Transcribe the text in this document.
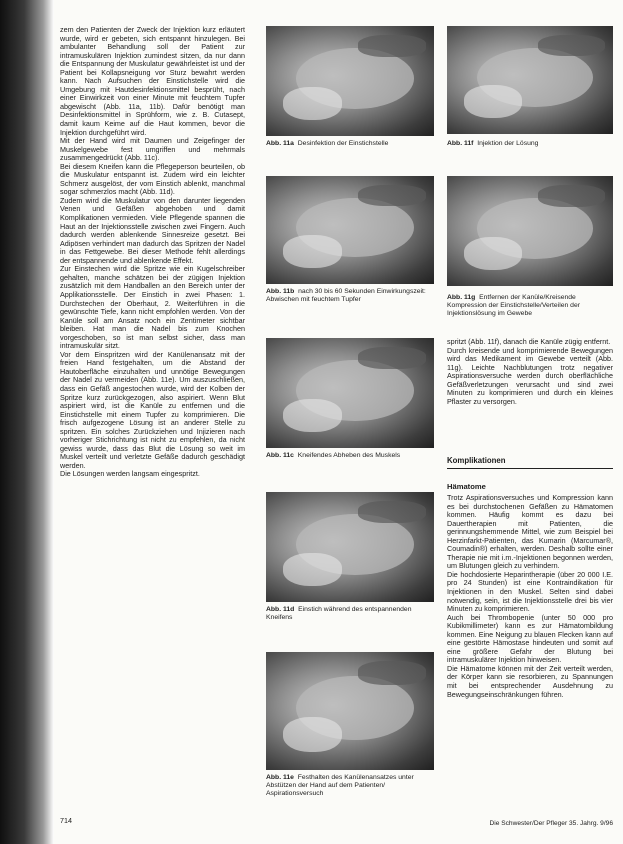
zem den Patienten der Zweck der Injektion kurz erläutert wurde, wird er gebeten, sich entspannt hinzulegen. Bei ambulanter Behandlung soll der Patient zur intramuskulären Injektion zumindest sitzen, da nur dann die Entspannung der Muskulatur gewährleistet ist und der Patient bei Kollapsneigung vor Sturz bewahrt werden kann. Nach Aufsuchen der Einstichstelle wird die Umgebung mit Hautdesinfektionsmittel besprüht, nach einer Einwirkzeit von einer Minute mit feuchtem Tupfer abgewischt (Abb. 11a, 11b). Dafür benötigt man Desinfektionsmittel in Sprühform, wie z. B. Cutasept, damit kaum Keime auf die Haut kommen, bevor die Injektion durchgeführt wird.

Mit der Hand wird mit Daumen und Zeigefinger der Muskelgewebe fest umgriffen und mehrmals zusammengedrückt (Abb. 11c).

Bei diesem Kneifen kann die Pflegeperson beurteilen, ob die Muskulatur entspannt ist. Zudem wird ein leichter Schmerz ausgelöst, der vom Einstich ablenkt, manchmal sogar schmerzlos macht (Abb. 11d).

Zudem wird die Muskulatur von den darunter liegenden Venen und Gefäßen abgehoben und damit Komplikationen vermieden. Viele Pflegende spannen die Haut an der Injektionsstelle zwischen zwei Fingern. Auch dadurch werden ablenkende Sinnesreize gesetzt. Bei Adipösen verhindert man dadurch das Spritzen der Nadel in das Fettgewebe. Bei dieser Methode fehlt allerdings der entspannende und ablenkende Effekt.

Zur Einstechen wird die Spritze wie ein Kugelschreiber gehalten, manche schätzen bei der zügigen Injektion zusätzlich mit dem Handballen an den Bereich unter der Applikationsstelle. Der Einstich in zwei Phasen: 1. Durchstechen der Oberhaut, 2. Weiterführen in die gewünschte Tiefe, kann nicht empfohlen werden. Von der Kanüle soll am Ansatz noch ein Zentimeter sichtbar bleiben. Hat man die Nadel bis zum Knochen vorgeschoben, so ist man selbst sicher, dass man intramuskulär sitzt.

Vor dem Einspritzen wird der Kanülenansatz mit der freien Hand festgehalten, um die Abstand der Hautoberfläche einzuhalten und unnötige Bewegungen der Nadel zu vermeiden (Abb. 11e). Um auszuschließen, dass ein Gefäß angestochen wurde, wird der Kolben der Spritze kurz zurückgezogen, also aspiriert. Wenn Blut aspiriert wird, ist die Kanüle zu entfernen und die Einstichstelle mit einem Tupfer zu komprimieren. Die frisch aufgezogene Lösung ist an anderer Stelle zu spritzen. Ein solches Zurückziehen und Injizieren nach vorheriger Stichrichtung ist nicht zu empfehlen, da nicht gewiss wurde, dass das Blut die Lösung so weit im Muskel verteilt und verletzte Gefäße dadurch geschädigt werden.

Die Lösungen werden langsam eingespritzt.

Abb. 11a Desinfektion der Einstichstelle
Abb. 11b nach 30 bis 60 Sekunden Einwirkungszeit: Abwischen mit feuchtem Tupfer
Abb. 11c Kneifendes Abheben des Muskels
Abb. 11d Einstich während des entspannenden Kneifens
Abb. 11e Festhalten des Kanülenansatzes unter Abstützen der Hand auf dem Patienten/ Aspirationsversuch
Abb. 11f Injektion der Lösung
Abb. 11g Entfernen der Kanüle/Kreisende Kompression der Einstichstelle/Verteilen der Injektionslösung im Gewebe

spritzt (Abb. 11f), danach die Kanüle zügig entfernt.

Durch kreisende und komprimierende Bewegungen wird das Medikament im Gewebe verteilt (Abb. 11g). Leichte Nachblutungen trotz negativer Aspirationsversuche werden durch oberflächliche Gefäßverletzungen verursacht und sind zwei Minuten zu komprimieren und durch ein kleines Pflaster zu versorgen.

Komplikationen
Hämatome

Trotz Aspirationsversuches und Kompression kann es bei durchstochenen Gefäßen zu Hämatomen kommen. Häufig kommt es dazu bei Dauertherapien mit Patienten, die gerinnungshemmende Mittel, wie zum Beispiel bei Herzinfarkt-Patienten, das Kumarin (Marcumar®, Coumadin®) erhalten, werden. Deshalb sollte einer Therapie nie mit i.m.-Injektionen begonnen werden, um Blutungen gleich zu verhindern.

Die hochdosierte Heparintherapie (über 20 000 I.E. pro 24 Stunden) ist eine Kontraindikation für Injektionen in den Muskel. Selten sind dabei notwendig, sein, ist die Injektionsstelle drei bis vier Minuten zu komprimieren.

Auch bei Thrombopenie (unter 50 000 pro Kubikmillimeter) kann es zur Hämatombildung kommen. Eine Neigung zu blauen Flecken kann auf eine gestörte Hämostase hindeuten und somit auf eine größere Gefahr der Blutung bei intramuskulärer Injektion hinweisen.

Die Hämatome können mit der Zeit verteilt werden, der Körper kann sie resorbieren, zu Spannungen mit bei entsprechender Ausdehnung zu Bewegungseinschränkungen führen.

714	Die Schwester/Der Pfleger 35. Jahrg. 9/96
